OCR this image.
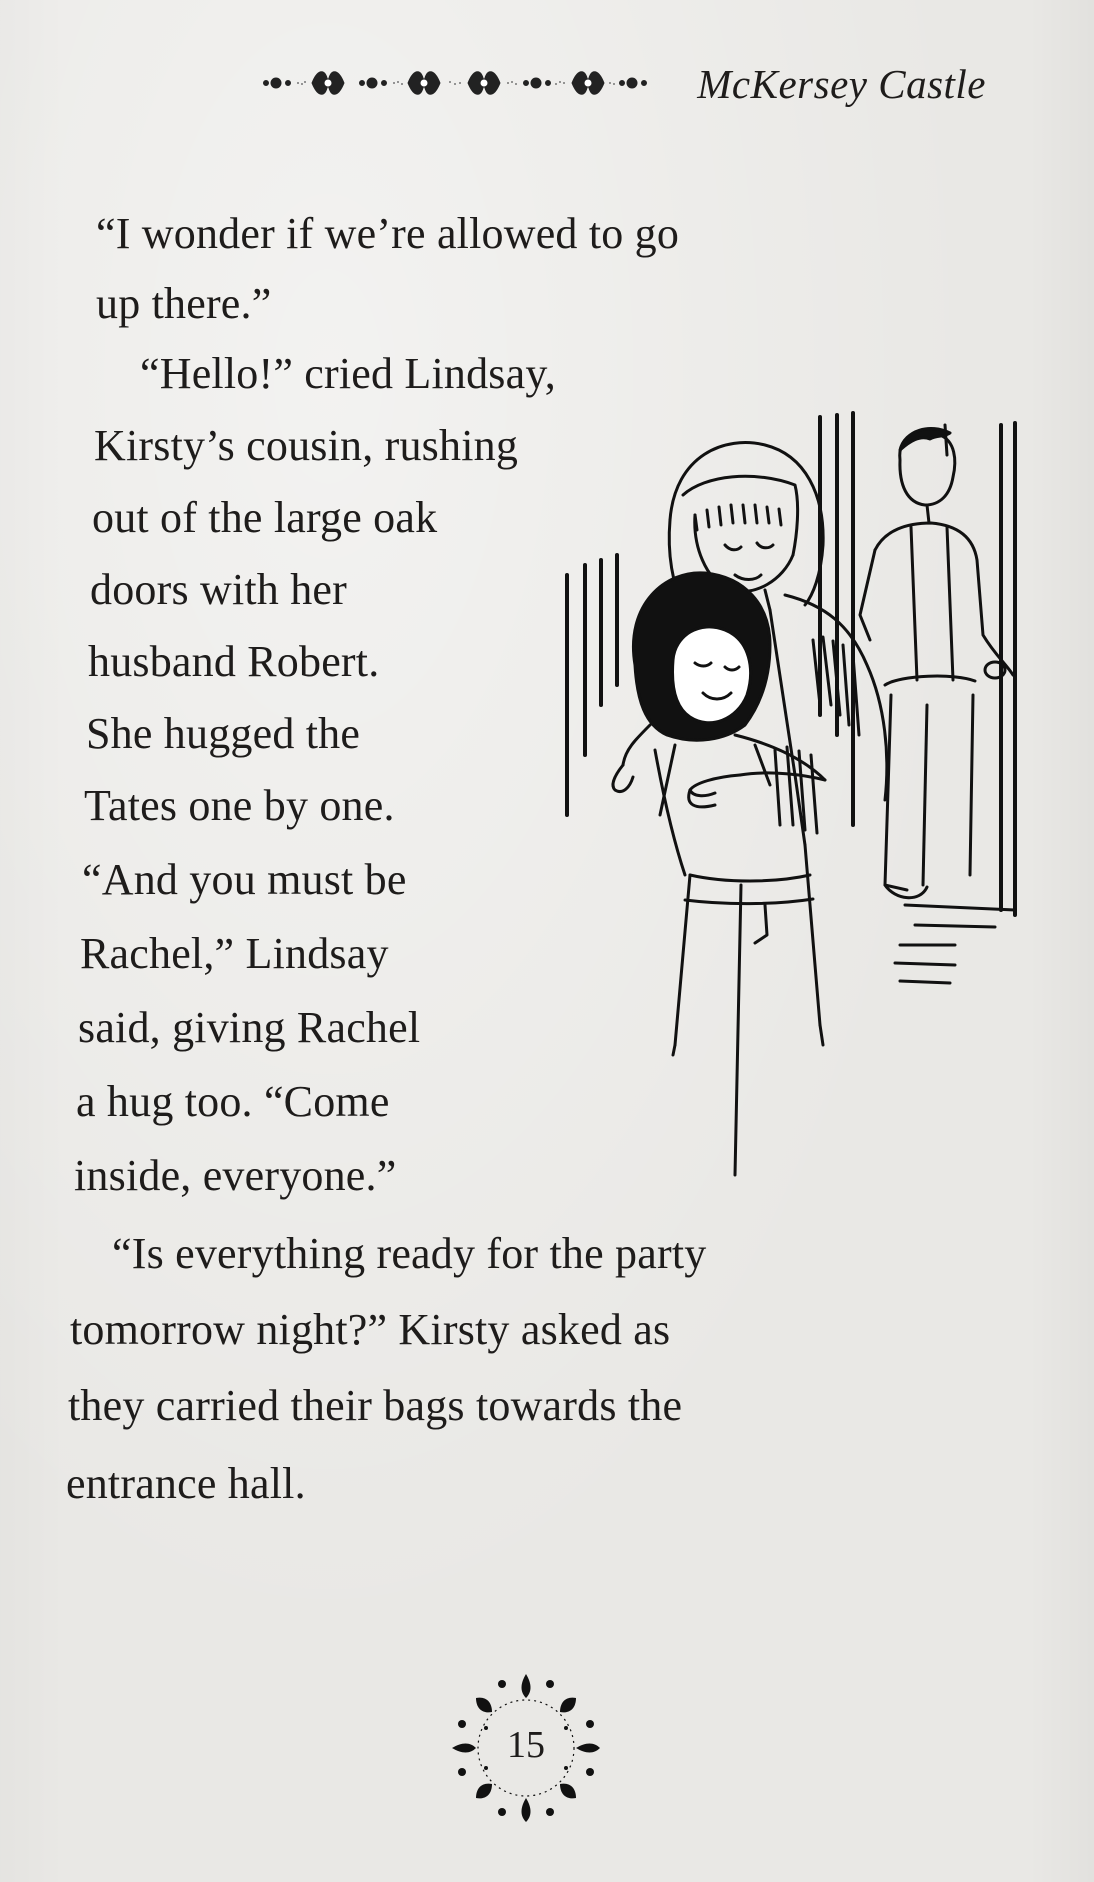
McKersey Castle
“I wonder if we’re allowed to go
up there.”
“Hello!” cried Lindsay,
Kirsty’s cousin, rushing
out of the large oak
doors with her
husband Robert.
She hugged the
Tates one by one.
“And you must be
Rachel,” Lindsay
said, giving Rachel
a hug too. “Come
inside, everyone.”
“Is everything ready for the party
tomorrow night?” Kirsty asked as
they carried their bags towards the
entrance hall.
15
